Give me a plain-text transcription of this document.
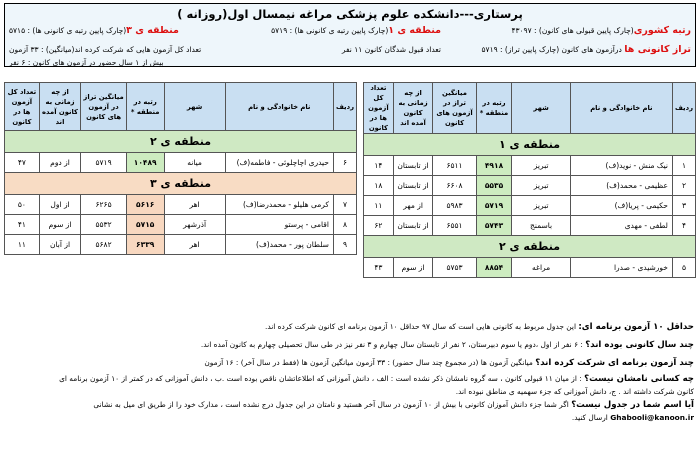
پرستاری---دانشکده علوم پزشکی مراغه نیمسال اول(روزانه )
رتبه کشوری(چارک پایین قبولی های کانون) : ۴۳۰۹۷
منطقه ی ۱(چارک پایین رتبه ی کانونی ها) : ۵۷۱۹
منطقه ی ۳(چارک پایین رتبه ی کانونی ها) : ۵۷۱۵
تراز کانونی ها درآزمون های کانون (چارک پایین تراز) : ۵۷۱۹
تعداد قبول شدگان کانون ۱۱ نفر
تعداد کل آزمون هایی که شرکت کرده اند(میانگین) : ۳۳ آزمون
بیش از ۱ سال حضور در آزمون های کانون : ۶ نفر
ردیف	نام خانوادگی و نام	شهر	رتبه در منطقه *	میانگین تراز در آزمون های کانون	از چه زمانی به کانون آمده اند	تعداد کل آزمون ها در کانون
منطقه ی ۱						
۱	نیک منش - نوید(ف)	تبریز	۴۹۱۸	۶۵۱۱	از تابستان	۱۴
۲	عظیمی - محمد(ف)	تبریز	۵۵۳۵	۶۶۰۸	از تابستان	۱۸
۳	حکیمی - پریا(ف)	تبریز	۵۷۱۹	۵۹۸۳	از مهر	۱۱
۴	لطفی - مهدی	باسمنج	۵۷۴۳	۶۵۵۱	از تابستان	۶۲
منطقه ی ۲						
۵	خورشیدی - صدرا	مراغه	۸۸۵۴	۵۷۵۳	از سوم	۴۳
ردیف	نام خانوادگی و نام	شهر	رتبه در منطقه *	میانگین تراز در آزمون های کانون	از چه زمانی به کانون آمده اند	تعداد کل آزمون ها در کانون
منطقه ی ۲						
۶	حیدری اچاچلوئی - فاطمه(ف)	میانه	۱۰۴۸۹	۵۷۱۹	از دوم	۴۷
منطقه ی ۳						
۷	کرمی هلیلو - محمدرضا(ف)	اهر	۵۶۱۶	۶۲۶۵	از اول	۵۰
۸	اقامی - پرستو	آذرشهر	۵۷۱۵	۵۵۳۲	از سوم	۴۱
۹	سلطان پور - محمد(ف)	اهر	۶۳۳۹	۵۶۸۲	از آبان	۱۱

حداقل ۱۰ آزمون برنامه ای: این جدول مربوط به کانونی هایی است که سال ۹۷ حداقل ۱۰ آزمون برنامه ای کانون شرکت کرده اند.

چند سال کانونی بوده اند؟ : ۶ نفر از اول ،دوم یا سوم دبیرستان، ۲ نفر از تابستان سال چهارم و ۳ نفر نیز در طی سال تحصیلی چهارم به کانون آمده اند.

چند آزمون برنامه ای شرکت کرده اند؟ میانگین آزمون ها (در مجموع چند سال حضور) : ۳۳ آزمون میانگین آزمون ها (فقط در سال آخر) : ۱۶ آزمون

چه کسانی نامشان نیست؟ : از میان ۱۱ قبولی کانون ، سه گروه نامشان ذکر نشده است : الف ، دانش آموزانی که اطلاعاتشان ناقص بوده است .ب ، دانش آموزانی که در کمتر از ۱۰ آزمون برنامه ای

کانون شرکت داشته اند . ج، دانش آموزانی که جزء سهمیه ی مناطق نبوده اند.

آیا اسم شما در جدول نیست؟ اگر شما جزء دانش آموزان کانونی با بیش از ۱۰ آزمون در سال آخر هستید و نامتان در این جدول درج نشده است ، مدارک خود را از طریق ای میل به نشانی

Ghabooli@kanoon.ir ارسال کنید.
